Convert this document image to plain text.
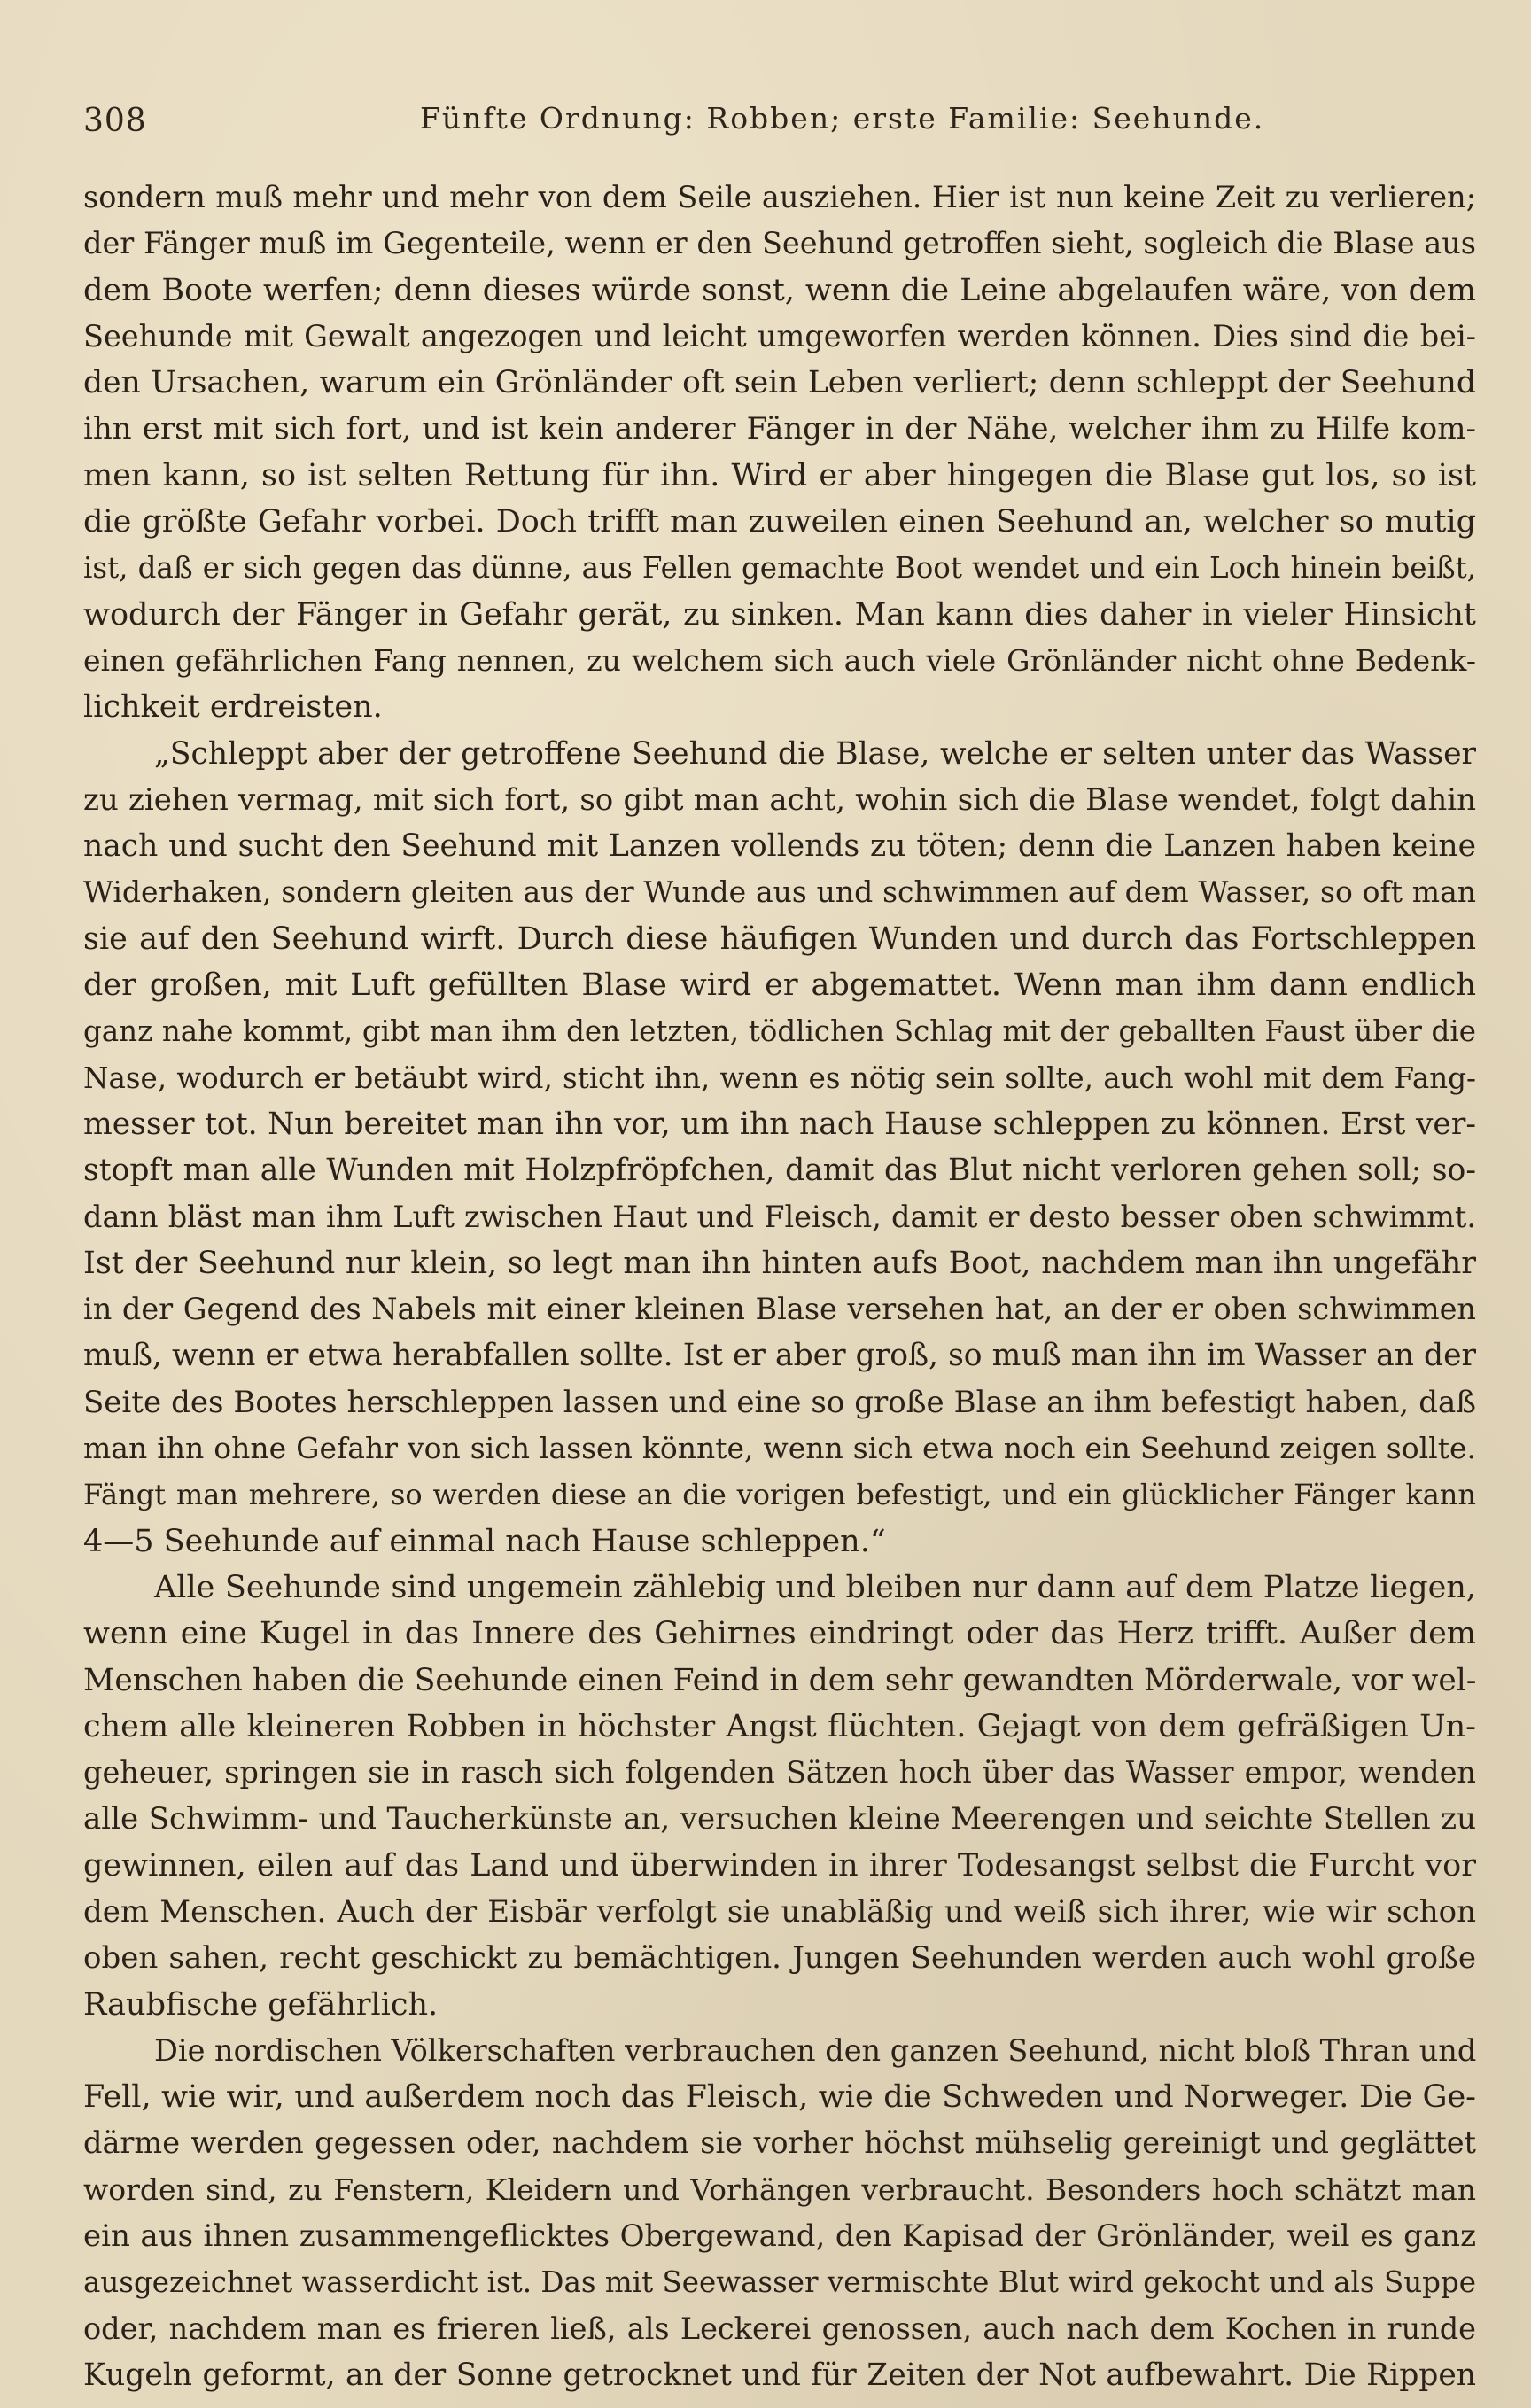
308	Fünfte Ordnung: Robben; erste Familie: Seehunde.
sondern muß mehr und mehr von dem Seile ausziehen. Hier ist nun keine Zeit zu verlieren;
der Fänger muß im Gegenteile, wenn er den Seehund getroffen sieht, sogleich die Blase aus
dem Boote werfen; denn dieses würde sonst, wenn die Leine abgelaufen wäre, von dem
Seehunde mit Gewalt angezogen und leicht umgeworfen werden können. Dies sind die bei-
den Ursachen, warum ein Grönländer oft sein Leben verliert; denn schleppt der Seehund
ihn erst mit sich fort, und ist kein anderer Fänger in der Nähe, welcher ihm zu Hilfe kom-
men kann, so ist selten Rettung für ihn. Wird er aber hingegen die Blase gut los, so ist
die größte Gefahr vorbei. Doch trifft man zuweilen einen Seehund an, welcher so mutig
ist, daß er sich gegen das dünne, aus Fellen gemachte Boot wendet und ein Loch hinein beißt,
wodurch der Fänger in Gefahr gerät, zu sinken. Man kann dies daher in vieler Hinsicht
einen gefährlichen Fang nennen, zu welchem sich auch viele Grönländer nicht ohne Bedenk-
lichkeit erdreisten.
„Schleppt aber der getroffene Seehund die Blase, welche er selten unter das Wasser
zu ziehen vermag, mit sich fort, so gibt man acht, wohin sich die Blase wendet, folgt dahin
nach und sucht den Seehund mit Lanzen vollends zu töten; denn die Lanzen haben keine
Widerhaken, sondern gleiten aus der Wunde aus und schwimmen auf dem Wasser, so oft man
sie auf den Seehund wirft. Durch diese häufigen Wunden und durch das Fortschleppen
der großen, mit Luft gefüllten Blase wird er abgemattet. Wenn man ihm dann endlich
ganz nahe kommt, gibt man ihm den letzten, tödlichen Schlag mit der geballten Faust über die
Nase, wodurch er betäubt wird, sticht ihn, wenn es nötig sein sollte, auch wohl mit dem Fang-
messer tot. Nun bereitet man ihn vor, um ihn nach Hause schleppen zu können. Erst ver-
stopft man alle Wunden mit Holzpfröpfchen, damit das Blut nicht verloren gehen soll; so-
dann bläst man ihm Luft zwischen Haut und Fleisch, damit er desto besser oben schwimmt.
Ist der Seehund nur klein, so legt man ihn hinten aufs Boot, nachdem man ihn ungefähr
in der Gegend des Nabels mit einer kleinen Blase versehen hat, an der er oben schwimmen
muß, wenn er etwa herabfallen sollte. Ist er aber groß, so muß man ihn im Wasser an der
Seite des Bootes herschleppen lassen und eine so große Blase an ihm befestigt haben, daß
man ihn ohne Gefahr von sich lassen könnte, wenn sich etwa noch ein Seehund zeigen sollte.
Fängt man mehrere, so werden diese an die vorigen befestigt, und ein glücklicher Fänger kann
4—5 Seehunde auf einmal nach Hause schleppen.“
Alle Seehunde sind ungemein zählebig und bleiben nur dann auf dem Platze liegen,
wenn eine Kugel in das Innere des Gehirnes eindringt oder das Herz trifft. Außer dem
Menschen haben die Seehunde einen Feind in dem sehr gewandten Mörderwale, vor wel-
chem alle kleineren Robben in höchster Angst flüchten. Gejagt von dem gefräßigen Un-
geheuer, springen sie in rasch sich folgenden Sätzen hoch über das Wasser empor, wenden
alle Schwimm- und Taucherkünste an, versuchen kleine Meerengen und seichte Stellen zu
gewinnen, eilen auf das Land und überwinden in ihrer Todesangst selbst die Furcht vor
dem Menschen. Auch der Eisbär verfolgt sie unabläßig und weiß sich ihrer, wie wir schon
oben sahen, recht geschickt zu bemächtigen. Jungen Seehunden werden auch wohl große
Raubfische gefährlich.
Die nordischen Völkerschaften verbrauchen den ganzen Seehund, nicht bloß Thran und
Fell, wie wir, und außerdem noch das Fleisch, wie die Schweden und Norweger. Die Ge-
därme werden gegessen oder, nachdem sie vorher höchst mühselig gereinigt und geglättet
worden sind, zu Fenstern, Kleidern und Vorhängen verbraucht. Besonders hoch schätzt man
ein aus ihnen zusammengeflicktes Obergewand, den Kapisad der Grönländer, weil es ganz
ausgezeichnet wasserdicht ist. Das mit Seewasser vermischte Blut wird gekocht und als Suppe
oder, nachdem man es frieren ließ, als Leckerei genossen, auch nach dem Kochen in runde
Kugeln geformt, an der Sonne getrocknet und für Zeiten der Not aufbewahrt. Die Rippen
